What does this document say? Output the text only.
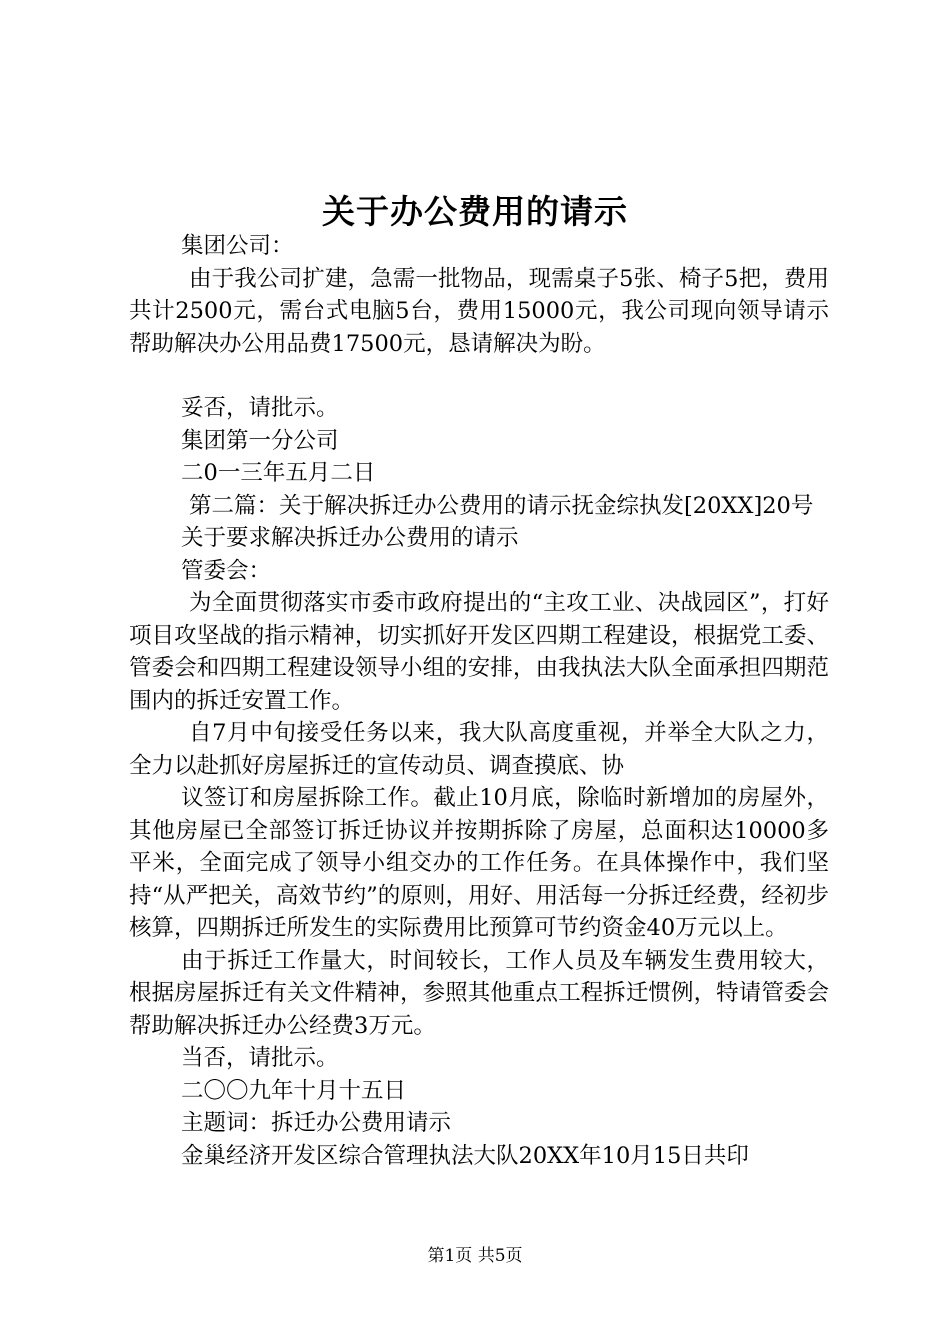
关于办公费用的请示

集团公司：

由于我公司扩建，急需一批物品，现需桌子5张、椅子5把，费用共计2500元，需台式电脑5台，费用15000元，我公司现向领导请示帮助解决办公用品费17500元，恳请解决为盼。

妥否，请批示。

集团第一分公司

二0一三年五月二日

第二篇：关于解决拆迁办公费用的请示抚金综执发[20XX]20号

关于要求解决拆迁办公费用的请示

管委会：

为全面贯彻落实市委市政府提出的“主攻工业、决战园区”，打好项目攻坚战的指示精神，切实抓好开发区四期工程建设，根据党工委、管委会和四期工程建设领导小组的安排，由我执法大队全面承担四期范围内的拆迁安置工作。

自7月中旬接受任务以来，我大队高度重视，并举全大队之力，全力以赴抓好房屋拆迁的宣传动员、调查摸底、协

议签订和房屋拆除工作。截止10月底，除临时新增加的房屋外，其他房屋已全部签订拆迁协议并按期拆除了房屋，总面积达10000多平米，全面完成了领导小组交办的工作任务。在具体操作中，我们坚持“从严把关，高效节约”的原则，用好、用活每一分拆迁经费，经初步核算，四期拆迁所发生的实际费用比预算可节约资金40万元以上。

由于拆迁工作量大，时间较长，工作人员及车辆发生费用较大，根据房屋拆迁有关文件精神，参照其他重点工程拆迁惯例，特请管委会帮助解决拆迁办公经费3万元。

当否，请批示。

二〇〇九年十月十五日

主题词：拆迁办公费用请示

金巢经济开发区综合管理执法大队20XX年10月15日共印

第1页 共5页
